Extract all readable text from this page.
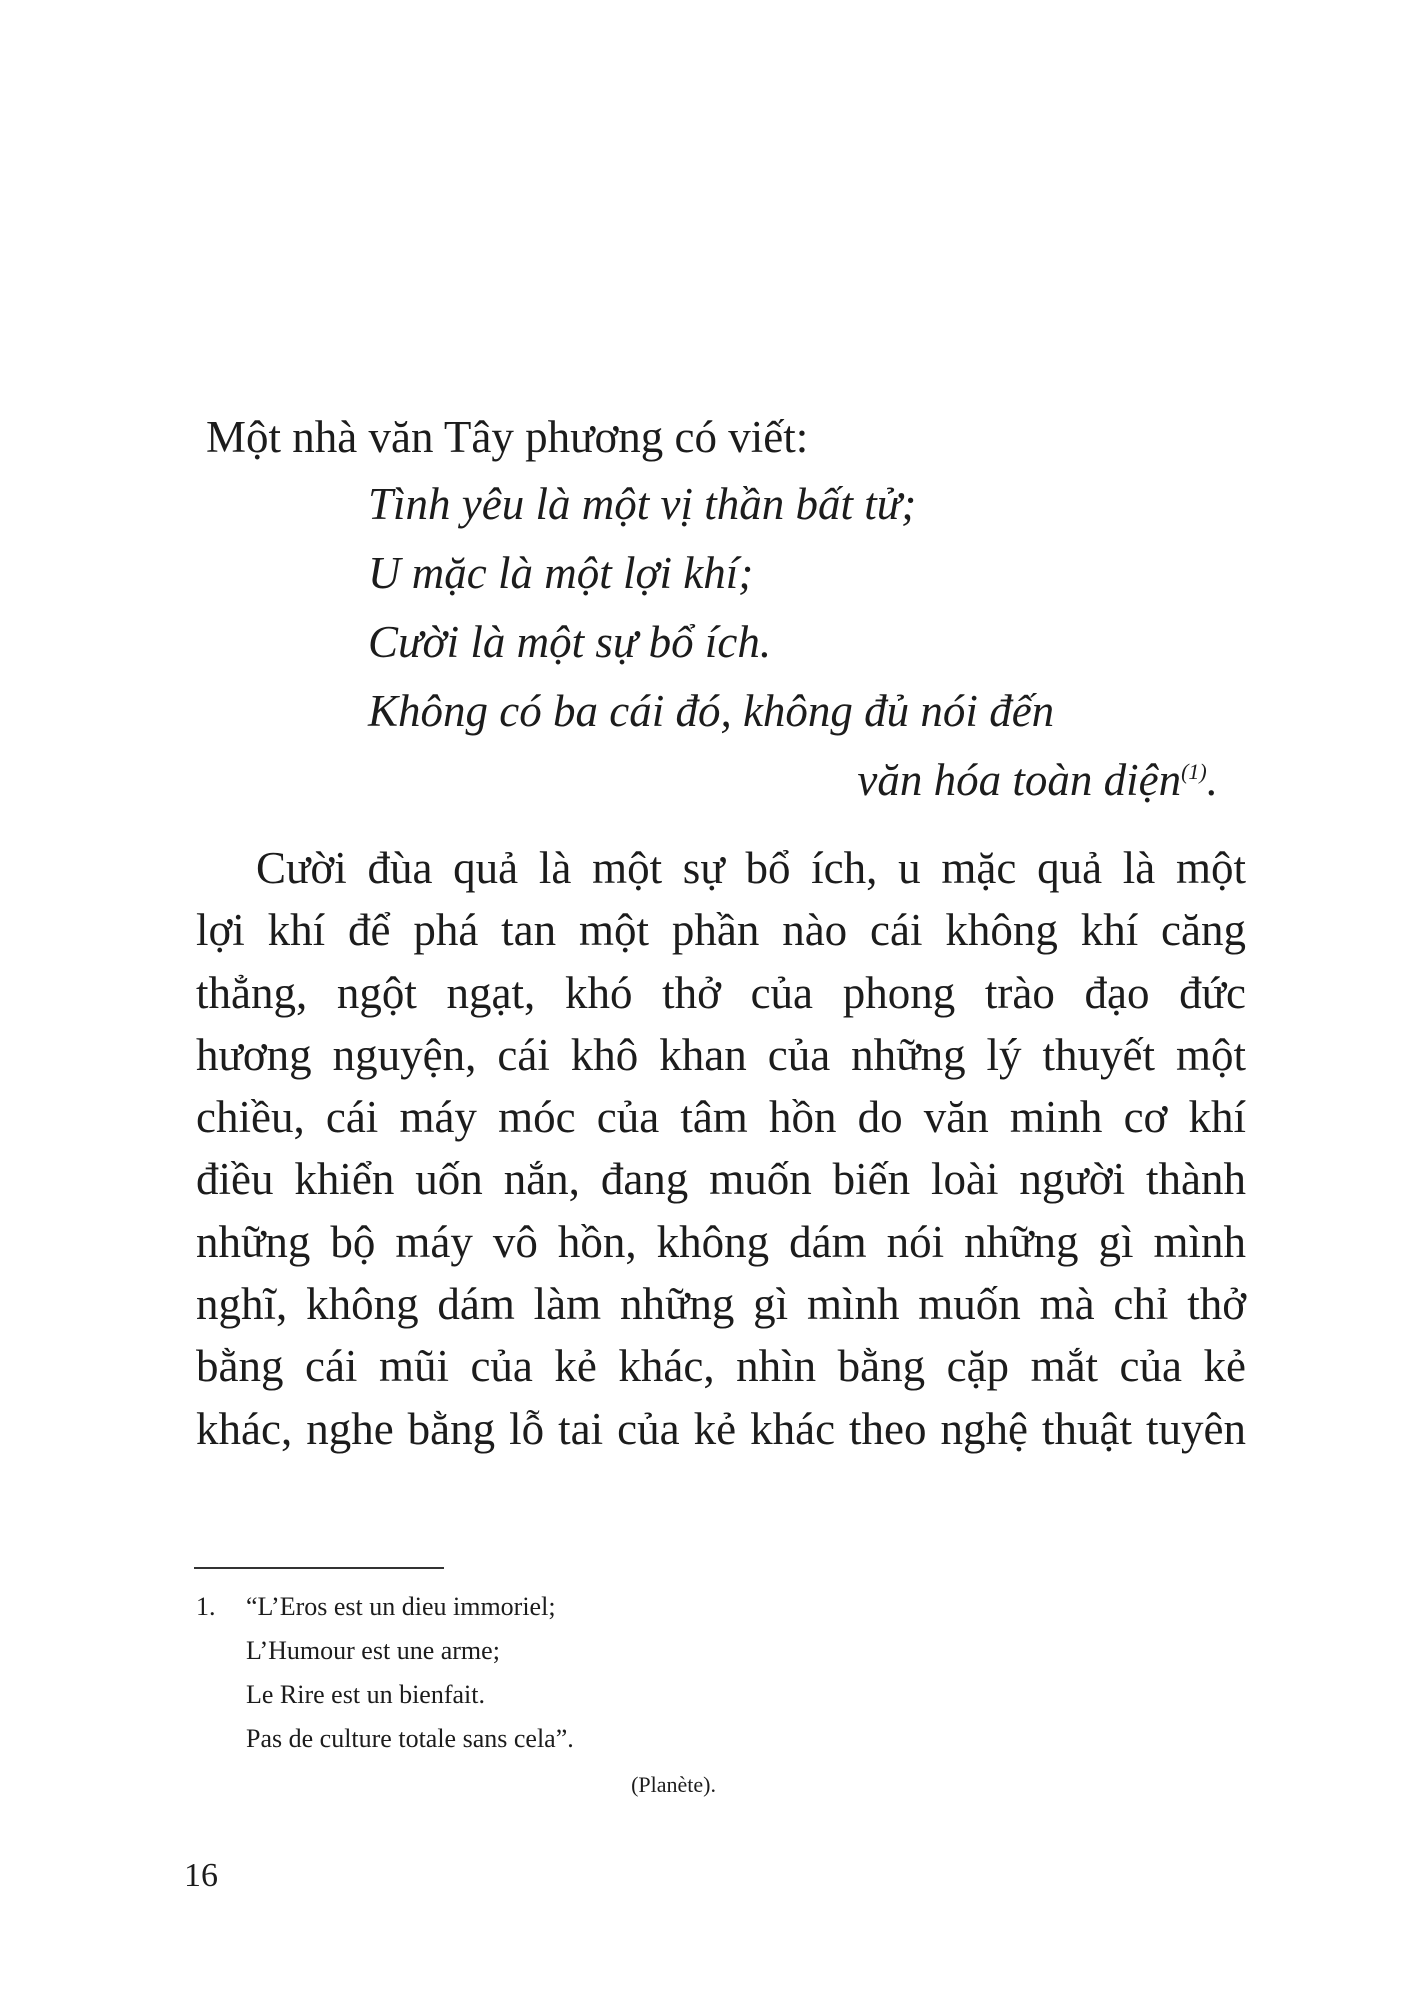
Một nhà văn Tây phương có viết:

Tình yêu là một vị thần bất tử;
U mặc là một lợi khí;
Cười là một sự bổ ích.
Không có ba cái đó, không đủ nói đến
văn hóa toàn diện$^{(1)}$.
Cười đùa quả là một sự bổ ích, u mặc quả là một
lợi khí để phá tan một phần nào cái không khí căng
thẳng, ngột ngạt, khó thở của phong trào đạo đức
hương nguyện, cái khô khan của những lý thuyết một
chiều, cái máy móc của tâm hồn do văn minh cơ khí
điều khiển uốn nắn, đang muốn biến loài người thành
những bộ máy vô hồn, không dám nói những gì mình
nghĩ, không dám làm những gì mình muốn mà chỉ thở
bằng cái mũi của kẻ khác, nhìn bằng cặp mắt của kẻ
khác, nghe bằng lỗ tai của kẻ khác theo nghệ thuật tuyên
1. “L’Eros est un dieu immoriel;
L’Humour est une arme;
Le Rire est un bienfait.
Pas de culture totale sans cela”.
(Planète).
16
